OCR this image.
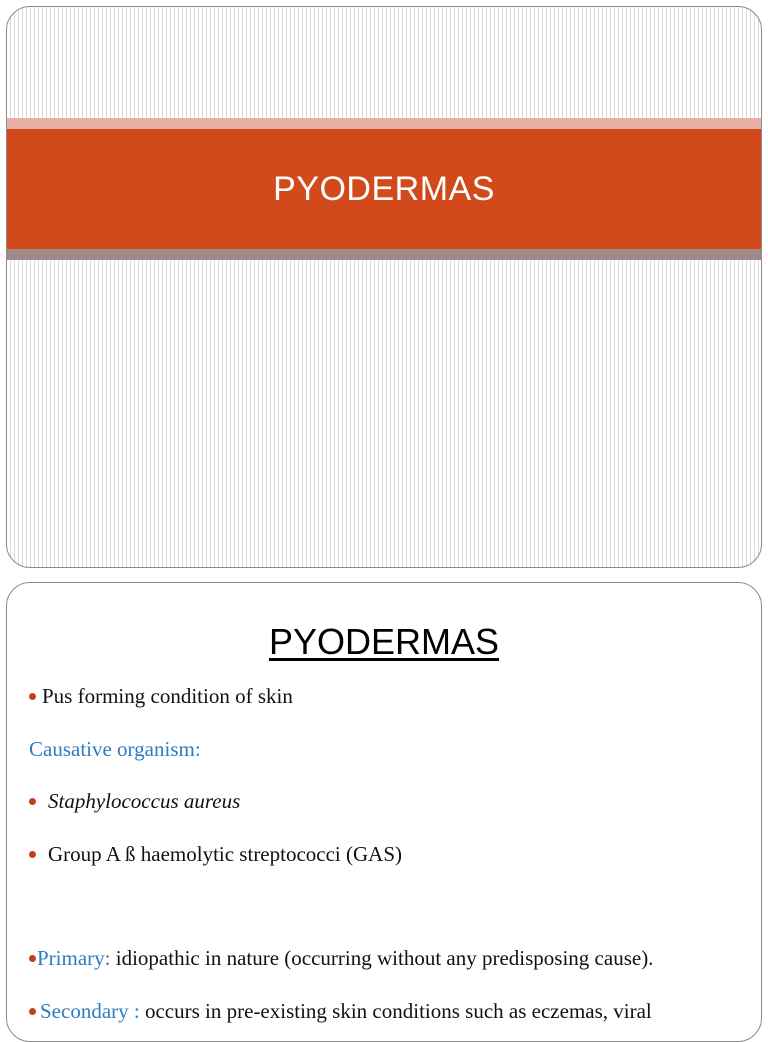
PYODERMAS
PYODERMAS
Pus forming condition of skin
Causative organism:
Staphylococcus aureus
Group A ß haemolytic streptococci (GAS)
Primary: idiopathic in nature (occurring without any predisposing cause).
Secondary : occurs in pre-existing skin conditions such as eczemas, viral
